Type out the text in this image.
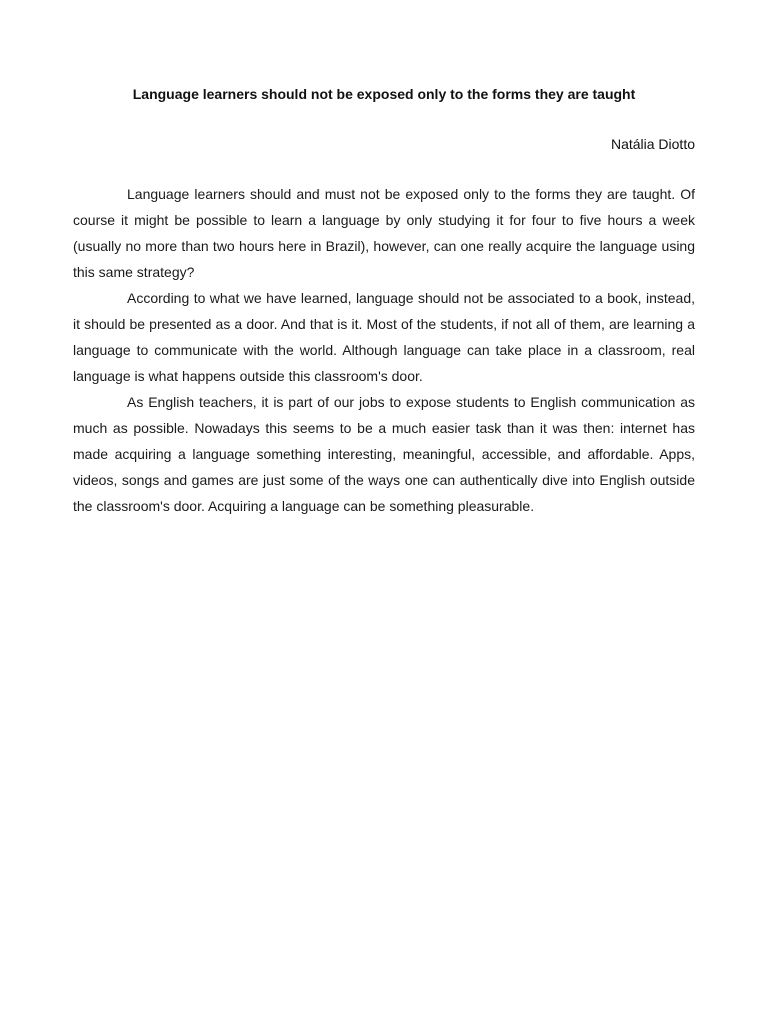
Language learners should not be exposed only to the forms they are taught
Natália Diotto

Language learners should and must not be exposed only to the forms they are taught. Of course it might be possible to learn a language by only studying it for four to five hours a week (usually no more than two hours here in Brazil), however, can one really acquire the language using this same strategy?

According to what we have learned, language should not be associated to a book, instead, it should be presented as a door. And that is it. Most of the students, if not all of them, are learning a language to communicate with the world. Although language can take place in a classroom, real language is what happens outside this classroom's door.

As English teachers, it is part of our jobs to expose students to English communication as much as possible. Nowadays this seems to be a much easier task than it was then: internet has made acquiring a language something interesting, meaningful, accessible, and affordable. Apps, videos, songs and games are just some of the ways one can authentically dive into English outside the classroom's door. Acquiring a language can be something pleasurable.
